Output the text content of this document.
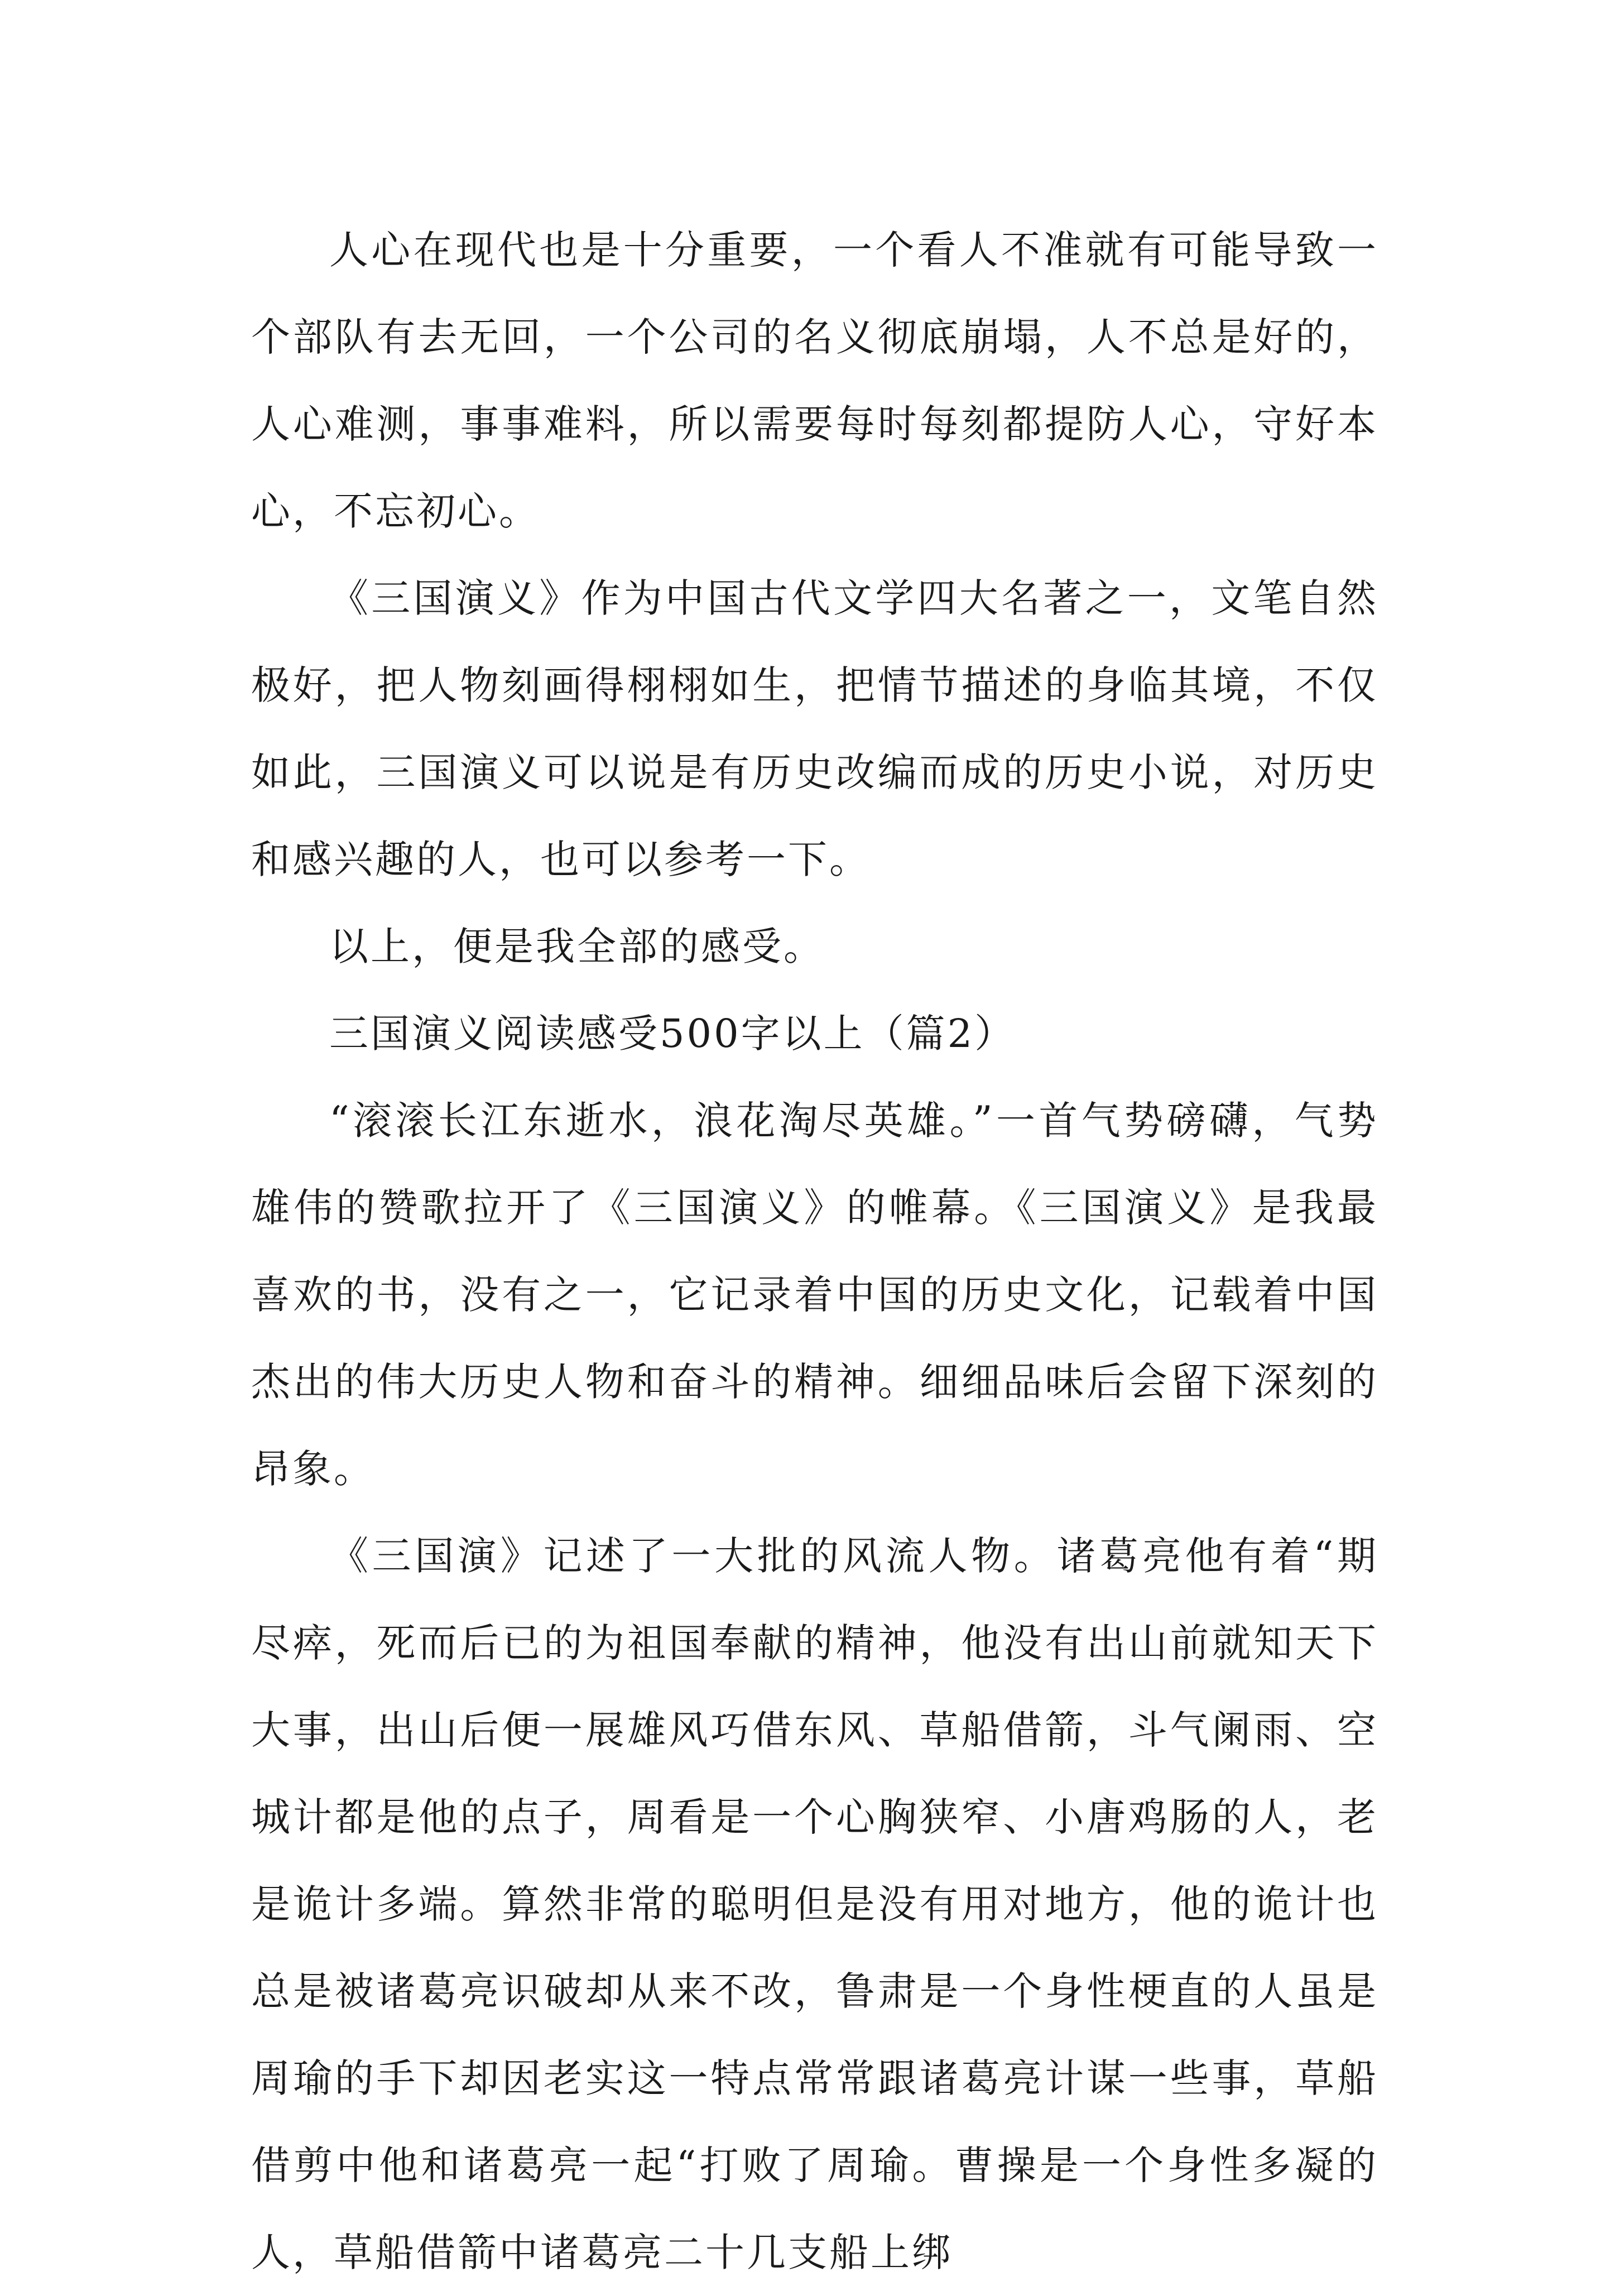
人心在现代也是十分重要，一个看人不准就有可能导致一个部队有去无回，一个公司的名义彻底崩塌，人不总是好的，人心难测，事事难料，所以需要每时每刻都提防人心，守好本心，不忘初心。

《三国演义》作为中国古代文学四大名著之一，文笔自然极好，把人物刻画得栩栩如生，把情节描述的身临其境，不仅如此，三国演义可以说是有历史改编而成的历史小说，对历史和感兴趣的人，也可以参考一下。

以上，便是我全部的感受。

三国演义阅读感受500字以上（篇2）

“滚滚长江东逝水，浪花淘尽英雄。”一首气势磅礴，气势雄伟的赞歌拉开了《三国演义》的帷幕。《三国演义》是我最喜欢的书，没有之一，它记录着中国的历史文化，记载着中国杰出的伟大历史人物和奋斗的精神。细细品味后会留下深刻的昂象。

《三国演》记述了一大批的风流人物。诸葛亮他有着“期尽瘁，死而后已的为祖国奉献的精神，他没有出山前就知天下大事，出山后便一展雄风巧借东风、草船借箭，斗气阑雨、空城计都是他的点子，周看是一个心胸狭窄、小唐鸡肠的人，老是诡计多端。算然非常的聪明但是没有用对地方，他的诡计也总是被诸葛亮识破却从来不改，鲁肃是一个身性梗直的人虽是周瑜的手下却因老实这一特点常常跟诸葛亮计谋一些事，草船借剪中他和诸葛亮一起“打败了周瑜。曹操是一个身性多凝的人，草船借箭中诸葛亮二十几支船上绑
